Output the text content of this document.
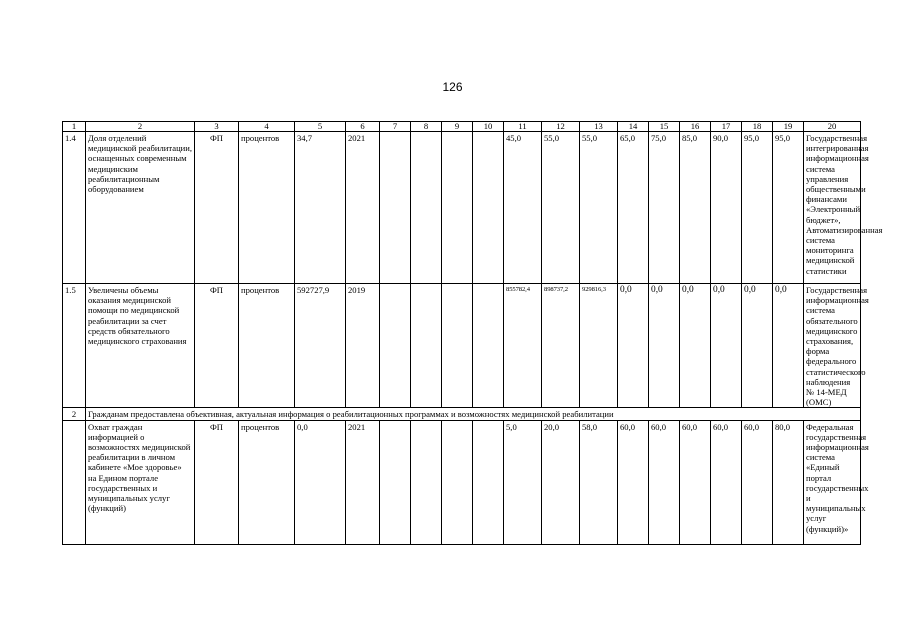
126
1	2	3	4	5	6	7	8	9	10	11	12	13	14	15	16	17	18	19	20
1.4	Доля отделений медицинской реабилитации, оснащенных современным медицинским реабилитационным оборудованием	ФП	процентов	34,7	2021					45,0	55,0	55,0	65,0	75,0	85,0	90,0	95,0	95,0	Государственная интегрированная информационная система управления общественными финансами «Электронный бюджет», Автоматизированная система мониторинга медицинской статистики
1.5	Увеличены объемы оказания медицинской помощи по медицинской реабилитации за счет средств обязательного медицинского страхования	ФП	процентов	592727,9	2019					855782,4	898737,2	929816,3	0,0	0,0	0,0	0,0	0,0	0,0	Государственная информационная система обязательного медицинского страхования, форма федерального статистического наблюдения № 14-МЕД (ОМС)
2	Гражданам предоставлена объективная, актуальная информация о реабилитационных программах и возможностях медицинской реабилитации																		
	Охват граждан информацией о возможностях медицинской реабилитации в личном кабинете «Мое здоровье» на Едином портале государственных и муниципальных услуг (функций)	ФП	процентов	0,0	2021					5,0	20,0	58,0	60,0	60,0	60,0	60,0	60,0	80,0	Федеральная государственная информационная система «Единый портал государственных и муниципальных услуг (функций)»
